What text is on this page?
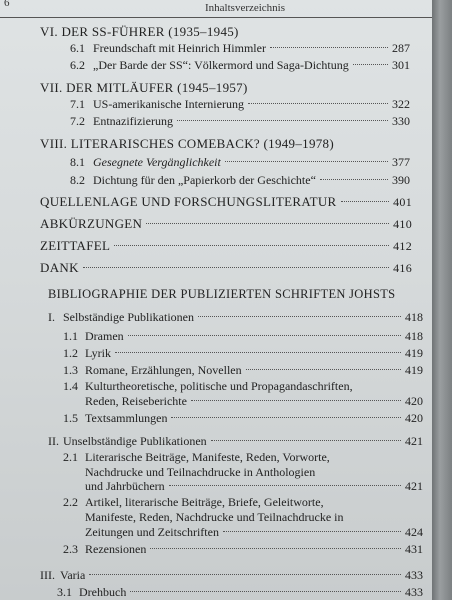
6	Inhaltsverzeichnis
VI. DER SS-FÜHRER (1935–1945)
6.1 Freundschaft mit Heinrich Himmler	287
6.2 „Der Barde der SS“: Völkermord und Saga-Dichtung	301
VII. DER MITLÄUFER (1945–1957)
7.1 US-amerikanische Internierung	322
7.2 Entnazifizierung	330
VIII. LITERARISCHES COMEBACK? (1949–1978)
8.1 Gesegnete Vergänglichkeit	377
8.2 Dichtung für den „Papierkorb der Geschichte“	390
QUELLENLAGE UND FORSCHUNGSLITERATUR	401
ABKÜRZUNGEN	410
ZEITTAFEL	412
DANK	416
BIBLIOGRAPHIE DER PUBLIZIERTEN SCHRIFTEN JOHSTS
I. Selbständige Publikationen	418
1.1 Dramen	418
1.2 Lyrik	419
1.3 Romane, Erzählungen, Novellen	419
1.4 Kulturtheoretische, politische und Propagandaschriften,
Reden, Reiseberichte	420
1.5 Textsammlungen	420
II. Unselbständige Publikationen	421
2.1 Literarische Beiträge, Manifeste, Reden, Vorworte,
Nachdrucke und Teilnachdrucke in Anthologien
und Jahrbüchern	421
2.2 Artikel, literarische Beiträge, Briefe, Geleitworte,
Manifeste, Reden, Nachdrucke und Teilnachdrucke in
Zeitungen und Zeitschriften	424
2.3 Rezensionen	431
III. Varia	433
3.1 Drehbuch	433
